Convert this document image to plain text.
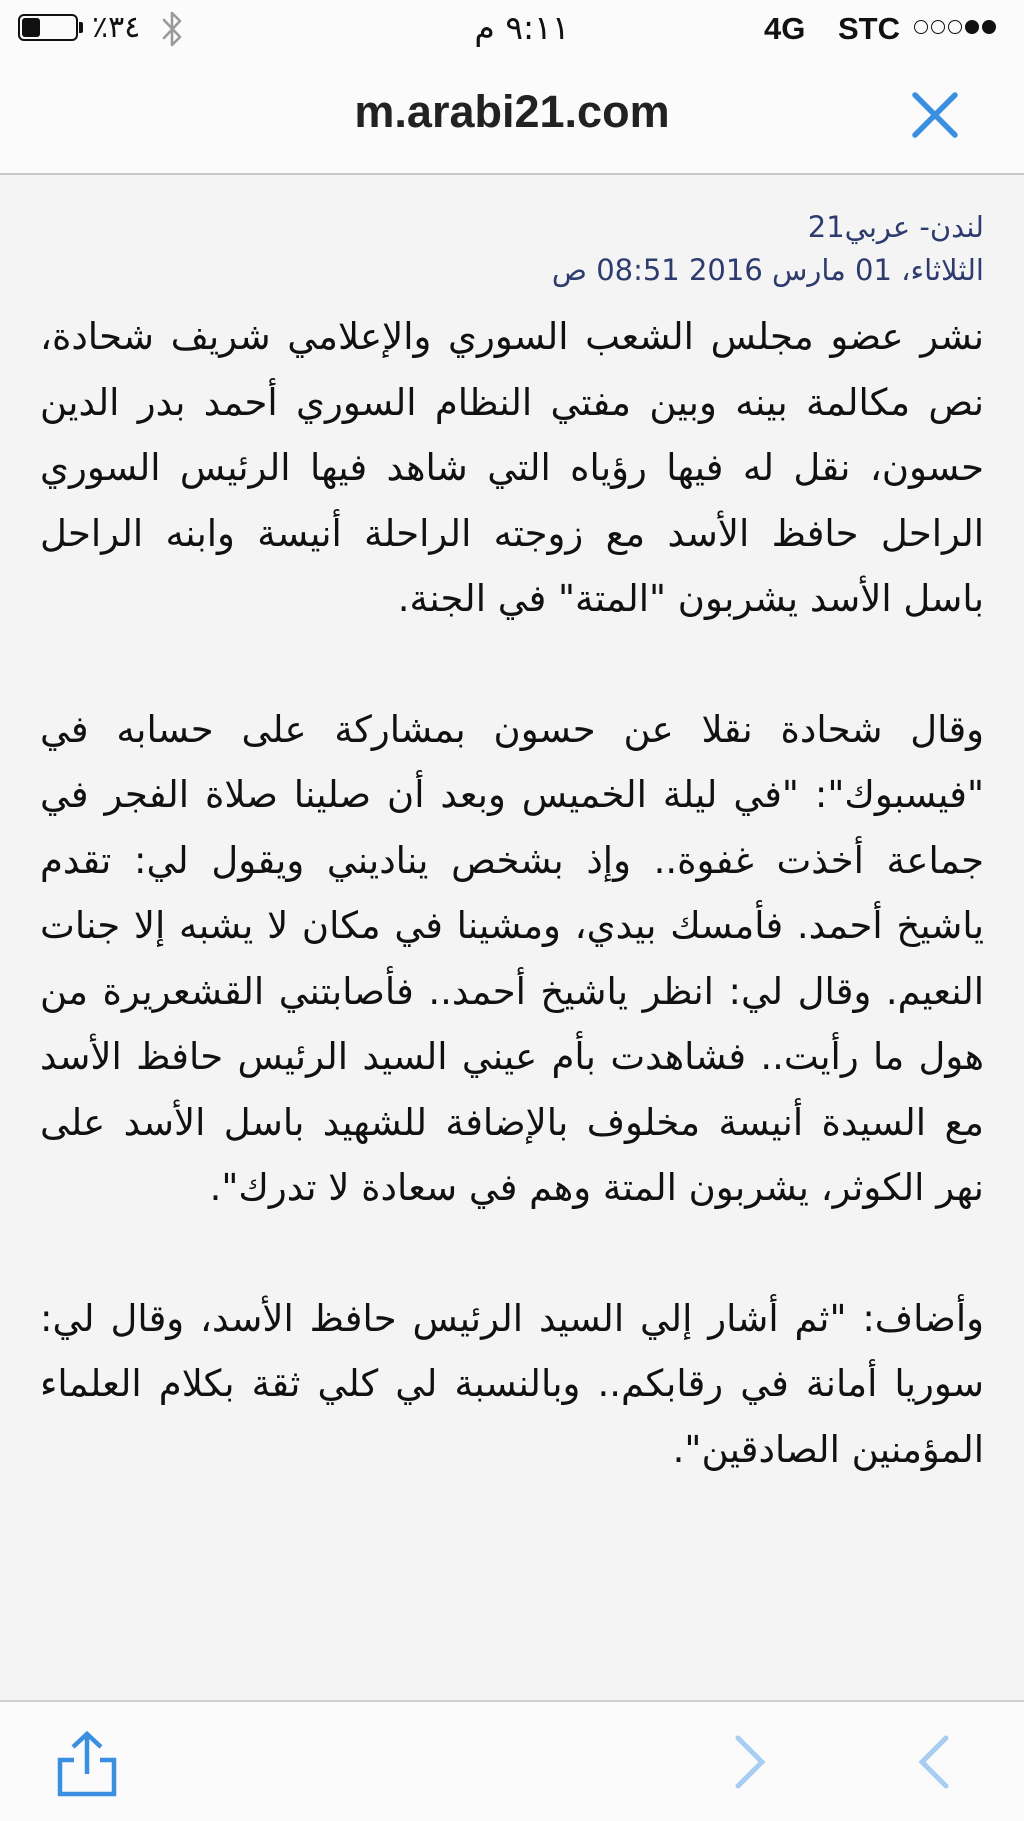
٪٣٤	٩:١١ م	4G STC
m.arabi21.com
لندن- عربي21
الثلاثاء، 01 مارس 2016 08:51 ص

نشر عضو مجلس الشعب السوري والإعلامي شريف شحادة، نص مكالمة بينه وبين مفتي النظام السوري أحمد بدر الدين حسون، نقل له فيها رؤياه التي شاهد فيها الرئيس السوري الراحل حافظ الأسد مع زوجته الراحلة أنيسة وابنه الراحل باسل الأسد يشربون "المتة" في الجنة.

وقال شحادة نقلا عن حسون بمشاركة على حسابه في "فيسبوك": "في ليلة الخميس وبعد أن صلينا صلاة الفجر في جماعة أخذت غفوة.. وإذ بشخص يناديني ويقول لي: تقدم ياشيخ أحمد. فأمسك بيدي، ومشينا في مكان لا يشبه إلا جنات النعيم. وقال لي: انظر ياشيخ أحمد.. فأصابتني القشعريرة من هول ما رأيت.. فشاهدت بأم عيني السيد الرئيس حافظ الأسد مع السيدة أنيسة مخلوف بالإضافة للشهيد باسل الأسد على نهر الكوثر، يشربون المتة وهم في سعادة لا تدرك".

وأضاف: "ثم أشار إلي السيد الرئيس حافظ الأسد، وقال لي: سوريا أمانة في رقابكم.. وبالنسبة لي كلي ثقة بكلام العلماء المؤمنين الصادقين".
